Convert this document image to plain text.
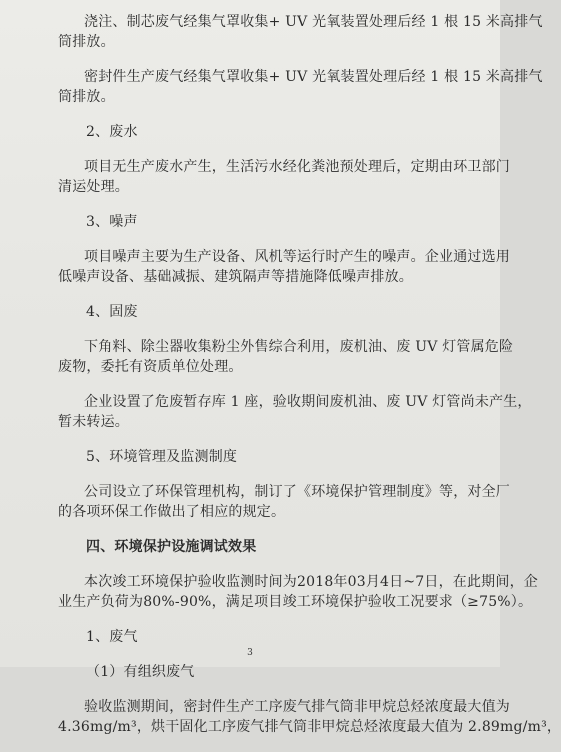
浇注、制芯废气经集气罩收集+ UV 光氧装置处理后经 1 根 15 米高排气
筒排放。
密封件生产废气经集气罩收集+ UV 光氧装置处理后经 1 根 15 米高排气
筒排放。
2、废水
项目无生产废水产生，生活污水经化粪池预处理后，定期由环卫部门
清运处理。
3、噪声
项目噪声主要为生产设备、风机等运行时产生的噪声。企业通过选用
低噪声设备、基础减振、建筑隔声等措施降低噪声排放。
4、固废
下角料、除尘器收集粉尘外售综合利用，废机油、废 UV 灯管属危险
废物，委托有资质单位处理。
企业设置了危废暂存库 1 座，验收期间废机油、废 UV 灯管尚未产生，
暂未转运。
5、环境管理及监测制度
公司设立了环保管理机构，制订了《环境保护管理制度》等，对全厂
的各项环保工作做出了相应的规定。
四、环境保护设施调试效果
本次竣工环境保护验收监测时间为2018年03月4日~7日，在此期间，企
业生产负荷为80%-90%，满足项目竣工环境保护验收工况要求（≥75%）。
1、废气
（1）有组织废气
验收监测期间，密封件生产工序废气排气筒非甲烷总烃浓度最大值为
4.36mg/m³，烘干固化工序废气排气筒非甲烷总烃浓度最大值为 2.89mg/m³，
3
